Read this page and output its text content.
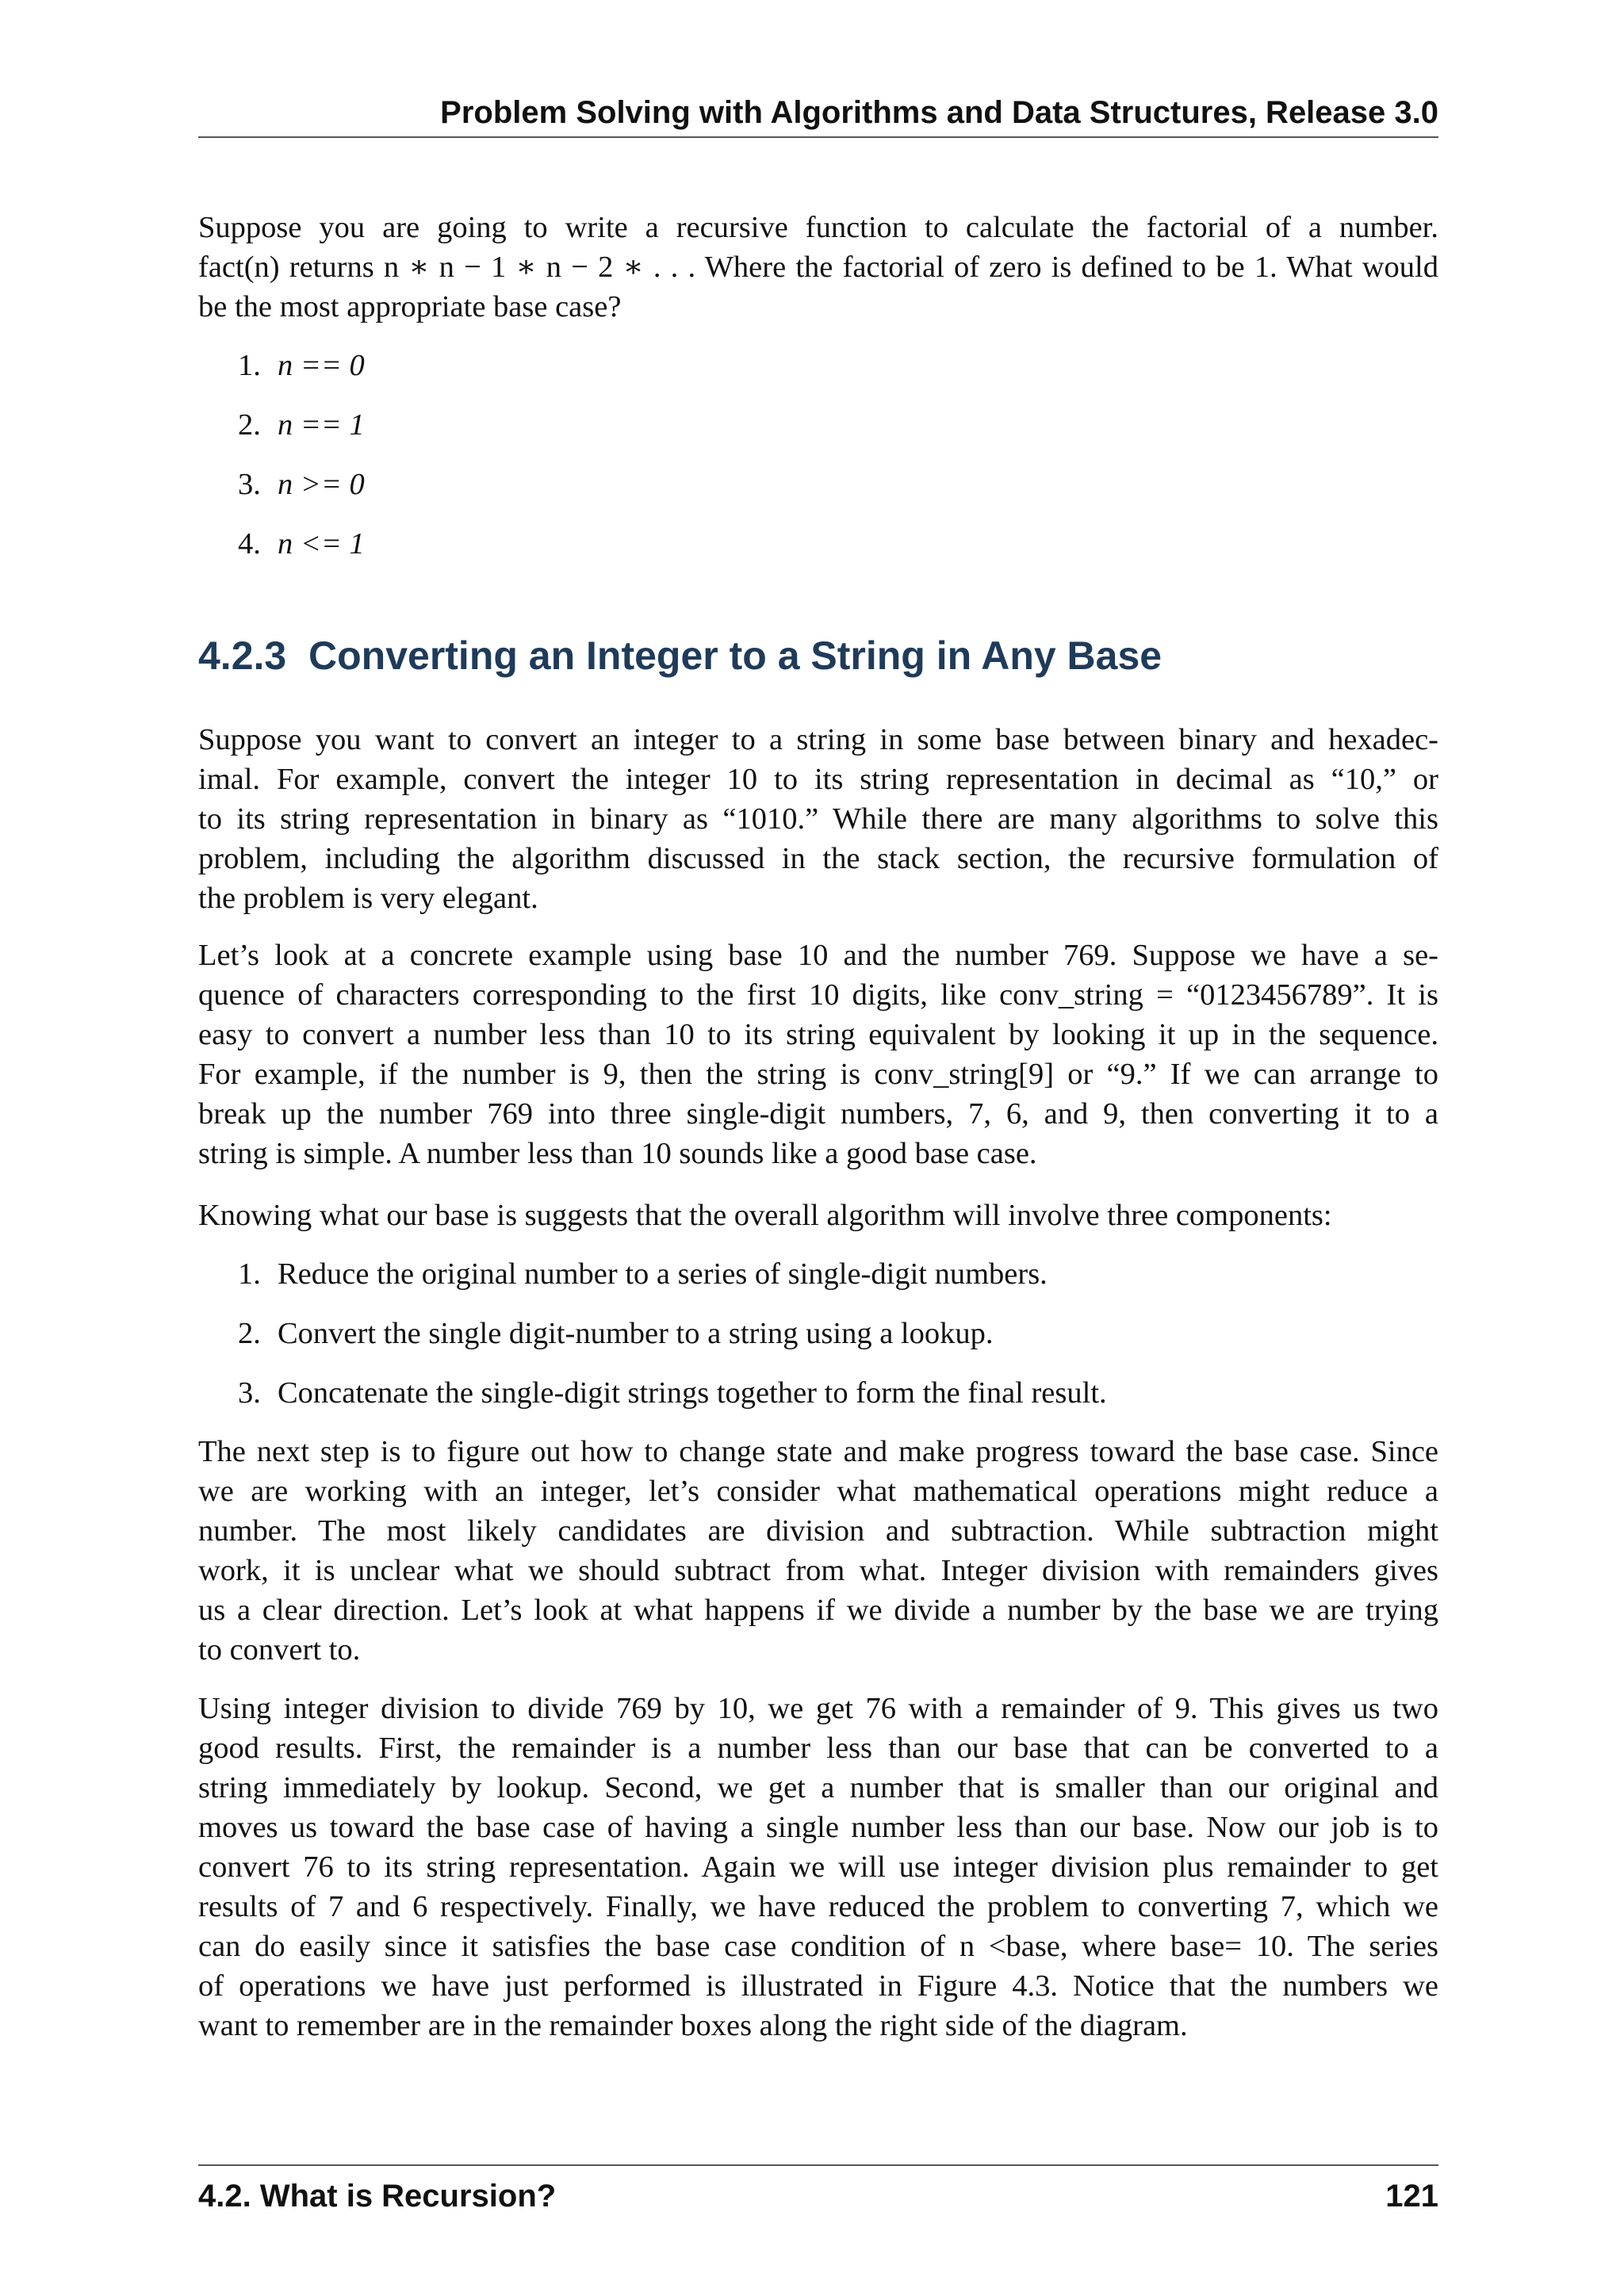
Problem Solving with Algorithms and Data Structures, Release 3.0
Suppose you are going to write a recursive function to calculate the factorial of a number.
fact(n) returns n ∗ n − 1 ∗ n − 2 ∗ . . . Where the factorial of zero is defined to be 1. What would
be the most appropriate base case?
1. n == 0
2. n == 1
3. n >= 0
4. n <= 1
4.2.3 Converting an Integer to a String in Any Base
Suppose you want to convert an integer to a string in some base between binary and hexadec-
imal. For example, convert the integer 10 to its string representation in decimal as “10,” or
to its string representation in binary as “1010.” While there are many algorithms to solve this
problem, including the algorithm discussed in the stack section, the recursive formulation of
the problem is very elegant.
Let’s look at a concrete example using base 10 and the number 769. Suppose we have a se-
quence of characters corresponding to the first 10 digits, like conv_string = “0123456789”. It is
easy to convert a number less than 10 to its string equivalent by looking it up in the sequence.
For example, if the number is 9, then the string is conv_string[9] or “9.” If we can arrange to
break up the number 769 into three single-digit numbers, 7, 6, and 9, then converting it to a
string is simple. A number less than 10 sounds like a good base case.
Knowing what our base is suggests that the overall algorithm will involve three components:
1. Reduce the original number to a series of single-digit numbers.
2. Convert the single digit-number to a string using a lookup.
3. Concatenate the single-digit strings together to form the final result.
The next step is to figure out how to change state and make progress toward the base case. Since
we are working with an integer, let’s consider what mathematical operations might reduce a
number. The most likely candidates are division and subtraction. While subtraction might
work, it is unclear what we should subtract from what. Integer division with remainders gives
us a clear direction. Let’s look at what happens if we divide a number by the base we are trying
to convert to.
Using integer division to divide 769 by 10, we get 76 with a remainder of 9. This gives us two
good results. First, the remainder is a number less than our base that can be converted to a
string immediately by lookup. Second, we get a number that is smaller than our original and
moves us toward the base case of having a single number less than our base. Now our job is to
convert 76 to its string representation. Again we will use integer division plus remainder to get
results of 7 and 6 respectively. Finally, we have reduced the problem to converting 7, which we
can do easily since it satisfies the base case condition of n <base, where base= 10. The series
of operations we have just performed is illustrated in Figure 4.3. Notice that the numbers we
want to remember are in the remainder boxes along the right side of the diagram.
4.2. What is Recursion?	121
